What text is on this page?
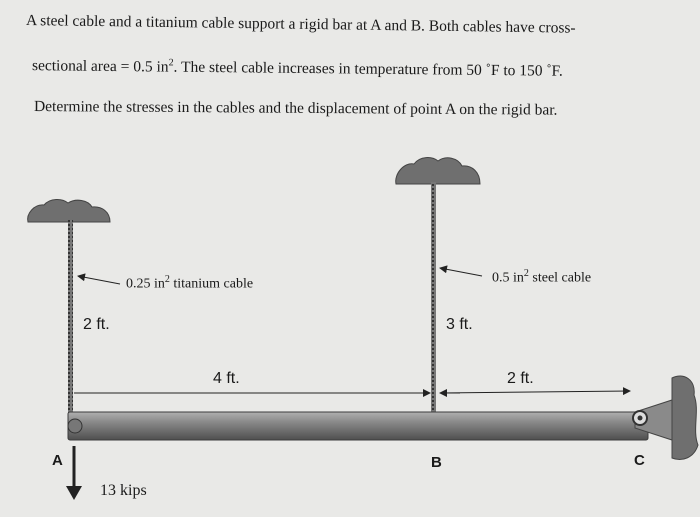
A steel cable and a titanium cable support a rigid bar at A and B. Both cables have cross-
sectional area = 0.5 $in^2$. The steel cable increases in temperature from 50 ˚F to 150 ˚F.
Determine the stresses in the cables and the displacement of point A on the rigid bar.
0.25 $in^2$ titanium cable	0.5 $in^2$ steel cable
2 ft.	3 ft.
4 ft.	2 ft.
A	B	C
13 kips
